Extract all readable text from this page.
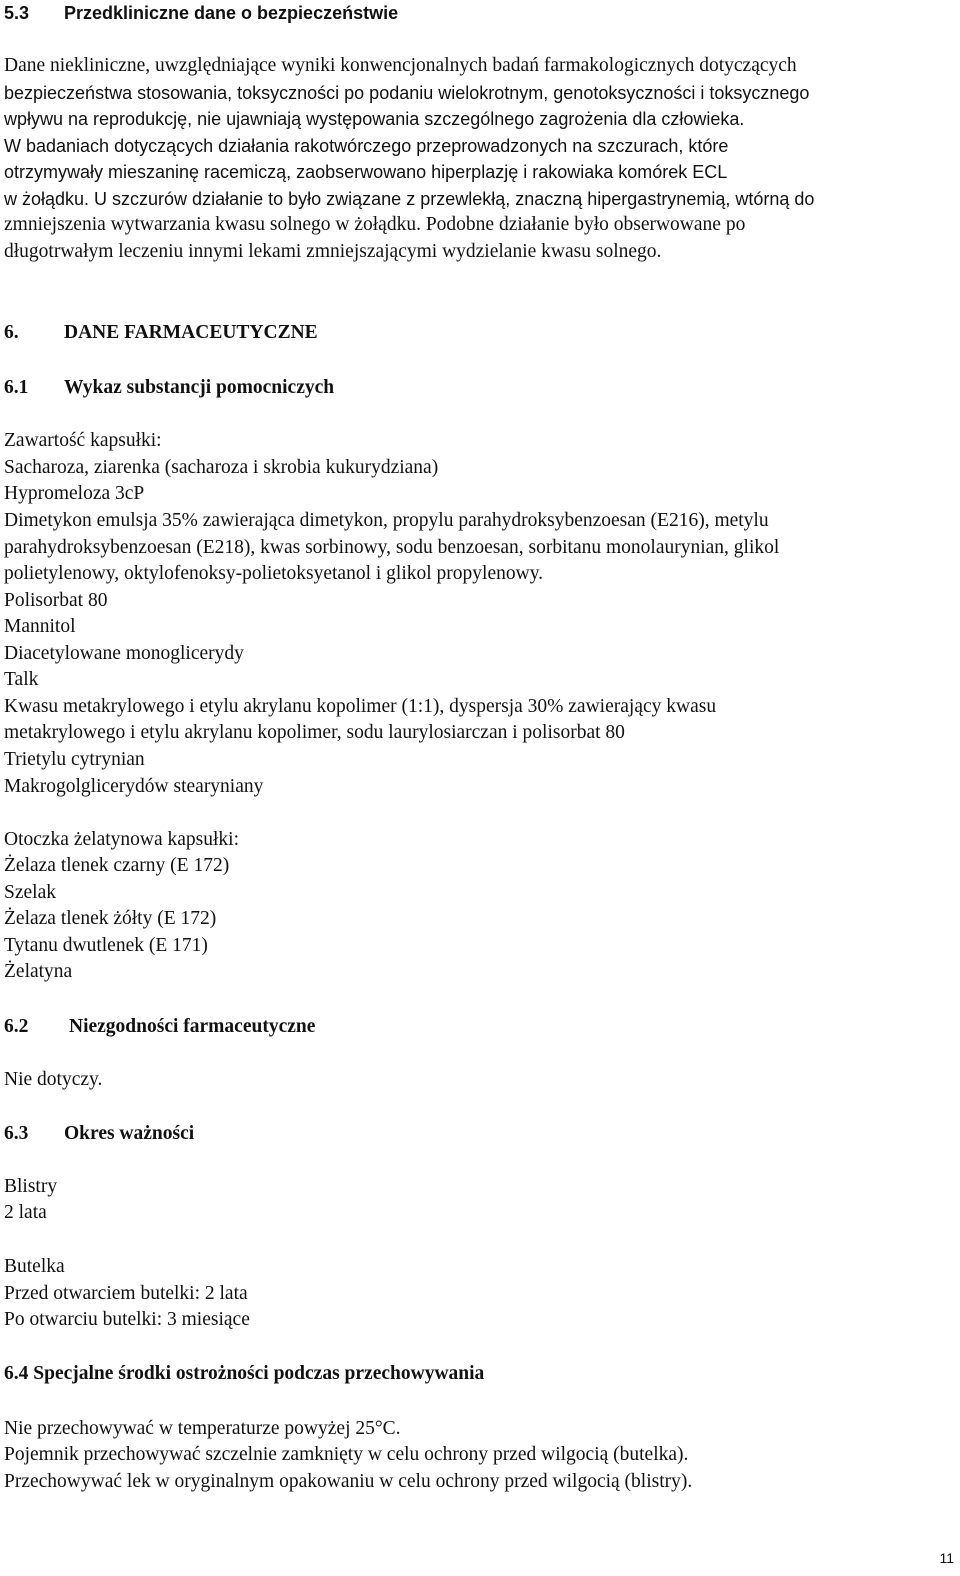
5.3 Przedkliniczne dane o bezpieczeństwie
Dane niekliniczne, uwzględniające wyniki konwencjonalnych badań farmakologicznych dotyczących
bezpieczeństwa stosowania, toksyczności po podaniu wielokrotnym, genotoksyczności i toksycznego
wpływu na reprodukcję, nie ujawniają występowania szczególnego zagrożenia dla człowieka.
W badaniach dotyczących działania rakotwórczego przeprowadzonych na szczurach, które
otrzymywały mieszaninę racemiczą, zaobserwowano hiperplazję i rakowiaka komórek ECL
w żołądku. U szczurów działanie to było związane z przewlekłą, znaczną hipergastrynemią, wtórną do
zmniejszenia wytwarzania kwasu solnego w żołądku. Podobne działanie było obserwowane po
długotrwałym leczeniu innymi lekami zmniejszającymi wydzielanie kwasu solnego.
6. DANE FARMACEUTYCZNE
6.1 Wykaz substancji pomocniczych
Zawartość kapsułki:
Sacharoza, ziarenka (sacharoza i skrobia kukurydziana)
Hypromeloza 3cP
Dimetykon emulsja 35% zawierająca dimetykon, propylu parahydroksybenzoesan (E216), metylu
parahydroksybenzoesan (E218), kwas sorbinowy, sodu benzoesan, sorbitanu monolaurynian, glikol
polietylenowy, oktylofenoksy-polietoksyetanol i glikol propylenowy.
Polisorbat 80
Mannitol
Diacetylowane monoglicerydy
Talk
Kwasu metakrylowego i etylu akrylanu kopolimer (1:1), dyspersja 30% zawierający kwasu
metakrylowego i etylu akrylanu kopolimer, sodu laurylosiarczan i polisorbat 80
Trietylu cytrynian
Makrogolglicerydów stearyniany
Otoczka żelatynowa kapsułki:
Żelaza tlenek czarny (E 172)
Szelak
Żelaza tlenek żółty (E 172)
Tytanu dwutlenek (E 171)
Żelatyna
6.2 Niezgodności farmaceutyczne
Nie dotyczy.
6.3 Okres ważności
Blistry
2 lata
Butelka
Przed otwarciem butelki: 2 lata
Po otwarciu butelki: 3 miesiące
6.4 Specjalne środki ostrożności podczas przechowywania
Nie przechowywać w temperaturze powyżej 25°C.
Pojemnik przechowywać szczelnie zamknięty w celu ochrony przed wilgocią (butelka).
Przechowywać lek w oryginalnym opakowaniu w celu ochrony przed wilgocią (blistry).
11
